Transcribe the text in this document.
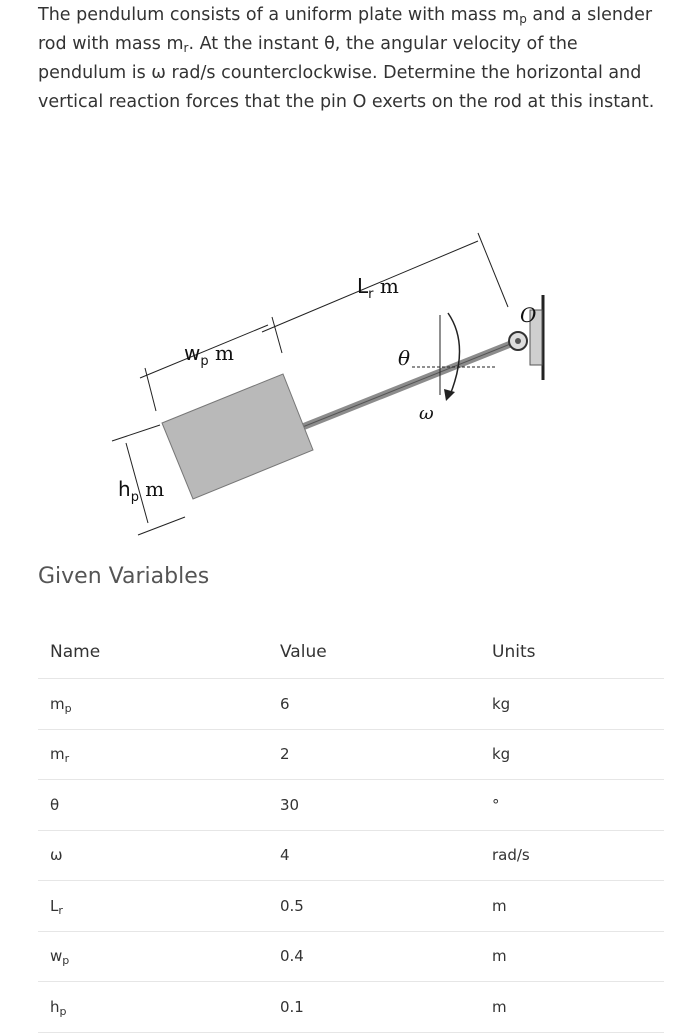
The pendulum consists of a uniform plate with mass $m_p$ and a slender rod with mass $m_r$. At the instant θ, the angular velocity of the pendulum is ω rad/s counterclockwise. Determine the horizontal and vertical reaction forces that the pin O exerts on the rod at this instant.
$L_r$ m
$w_p$ m
$h_p$ m
θ
ω
O
Given Variables
Name	Value	Units
$m_p$	6	kg
$m_r$	2	kg
θ	30	°
ω	4	rad/s
$L_r$	0.5	m
$w_p$	0.4	m
$h_p$	0.1	m
